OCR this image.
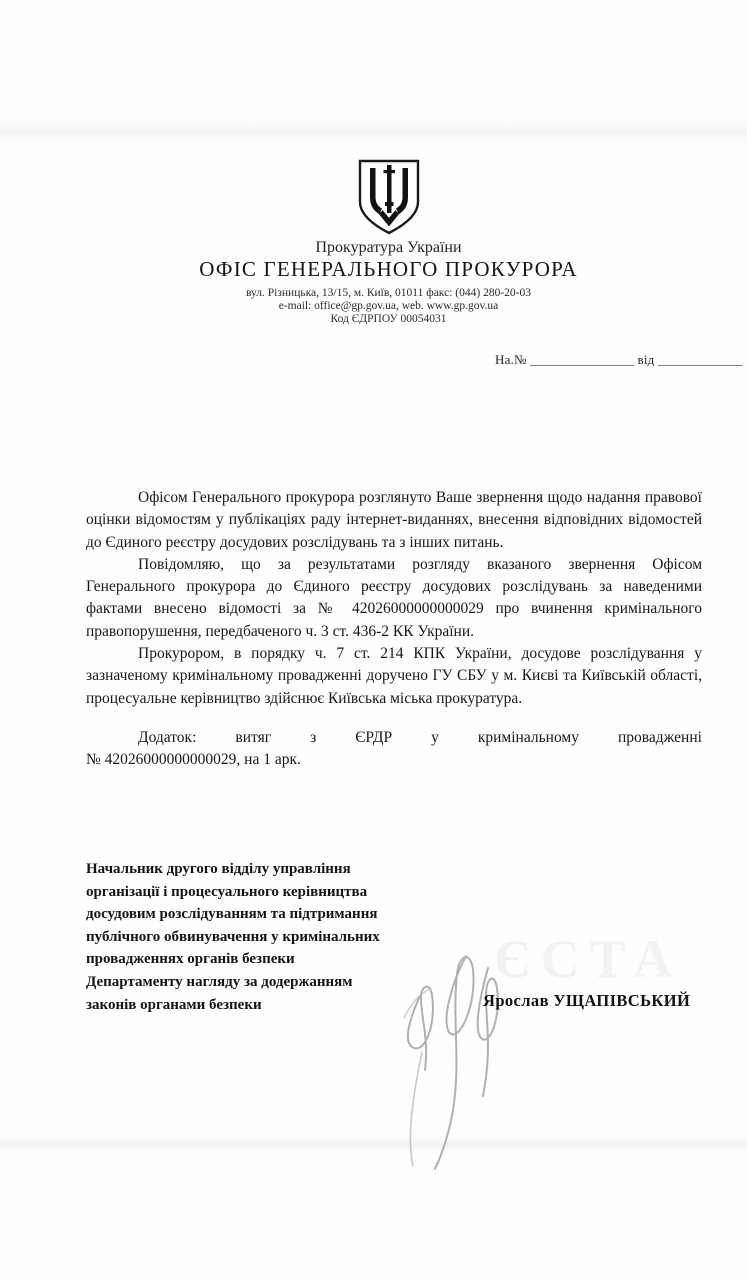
Прокуратура України
ОФІС ГЕНЕРАЛЬНОГО ПРОКУРОРА
вул. Різницька, 13/15, м. Київ, 01011 факс: (044) 280-20-03
e-mail: office@gp.gov.ua, web. www.gp.gov.ua
Код ЄДРПОУ 00054031
На.№ ________________ від _____________

Офісом Генерального прокурора розглянуто Ваше звернення щодо надання правової оцінки відомостям у публікаціях раду інтернет-виданнях, внесення відповідних відомостей до Єдиного реєстру досудових розслідувань та з інших питань.

Повідомляю, що за результатами розгляду вказаного звернення Офісом Генерального прокурора до Єдиного реєстру досудових розслідувань за наведеними фактами внесено відомості за № 42026000000000029 про вчинення кримінального правопорушення, передбаченого ч. 3 ст. 436-2 КК України.

Прокурором, в порядку ч. 7 ст. 214 КПК України, досудове розслідування у зазначеному кримінальному провадженні доручено ГУ СБУ у м. Києві та Київській області, процесуальне керівництво здійснює Київська міська прокуратура.

Додаток:	витяг	з	ЄРДР	у	кримінальному	провадженні
№ 42026000000000029, на 1 арк.
ЄСТА
Начальник другого відділу управління
організації і процесуального керівництва
досудовим розслідуванням та підтримання
публічного обвинувачення у кримінальних
провадженнях органів безпеки
Департаменту нагляду за додержанням
законів органами безпеки	Ярослав УЩАПІВСЬКИЙ
